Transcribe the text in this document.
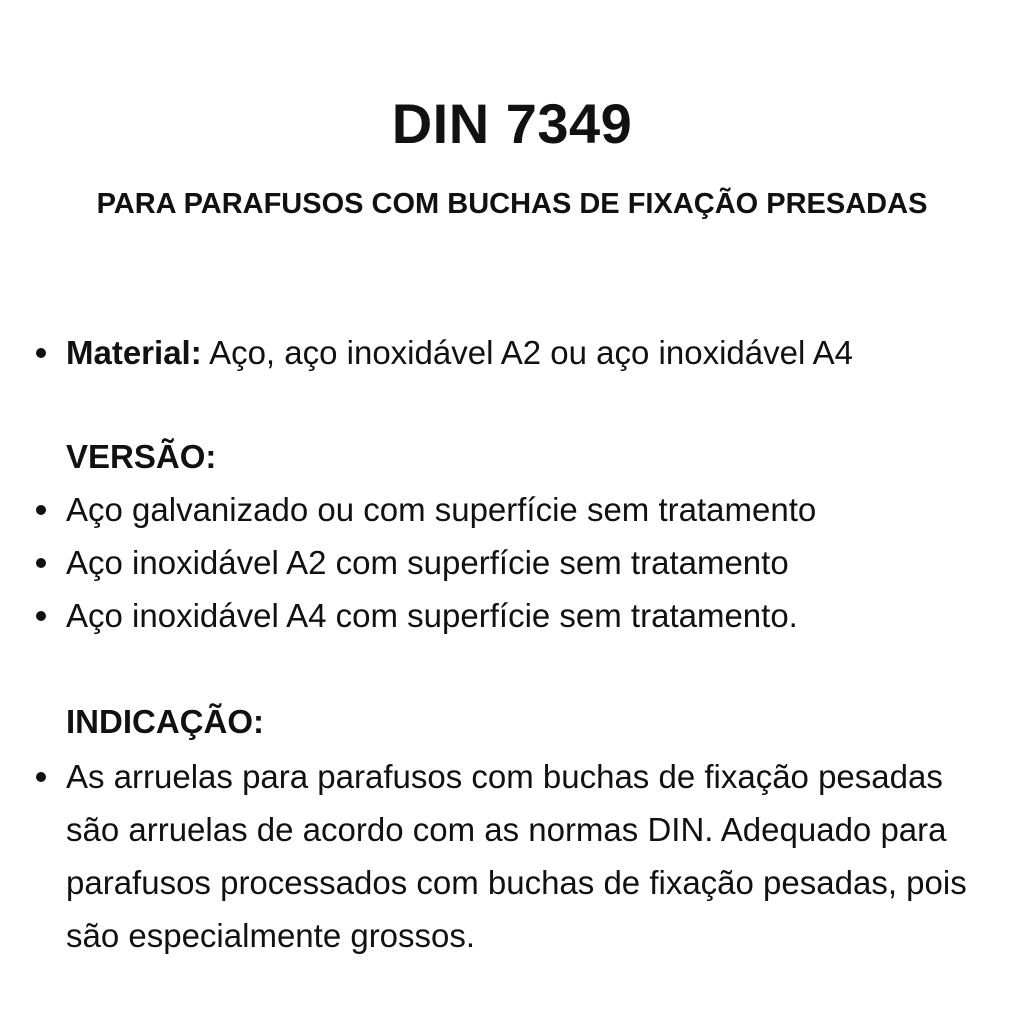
DIN 7349
PARA PARAFUSOS COM BUCHAS DE FIXAÇÃO PRESADAS
Material: Aço, aço inoxidável A2 ou aço inoxidável A4
VERSÃO:
Aço galvanizado ou com superfície sem tratamento
Aço inoxidável A2 com superfície sem tratamento
Aço inoxidável A4 com superfície sem tratamento.
INDICAÇÃO:
As arruelas para parafusos com buchas de fixação pesadas são arruelas de acordo com as normas DIN. Adequado para parafusos processados com buchas de fixação pesadas, pois são especialmente grossos.
